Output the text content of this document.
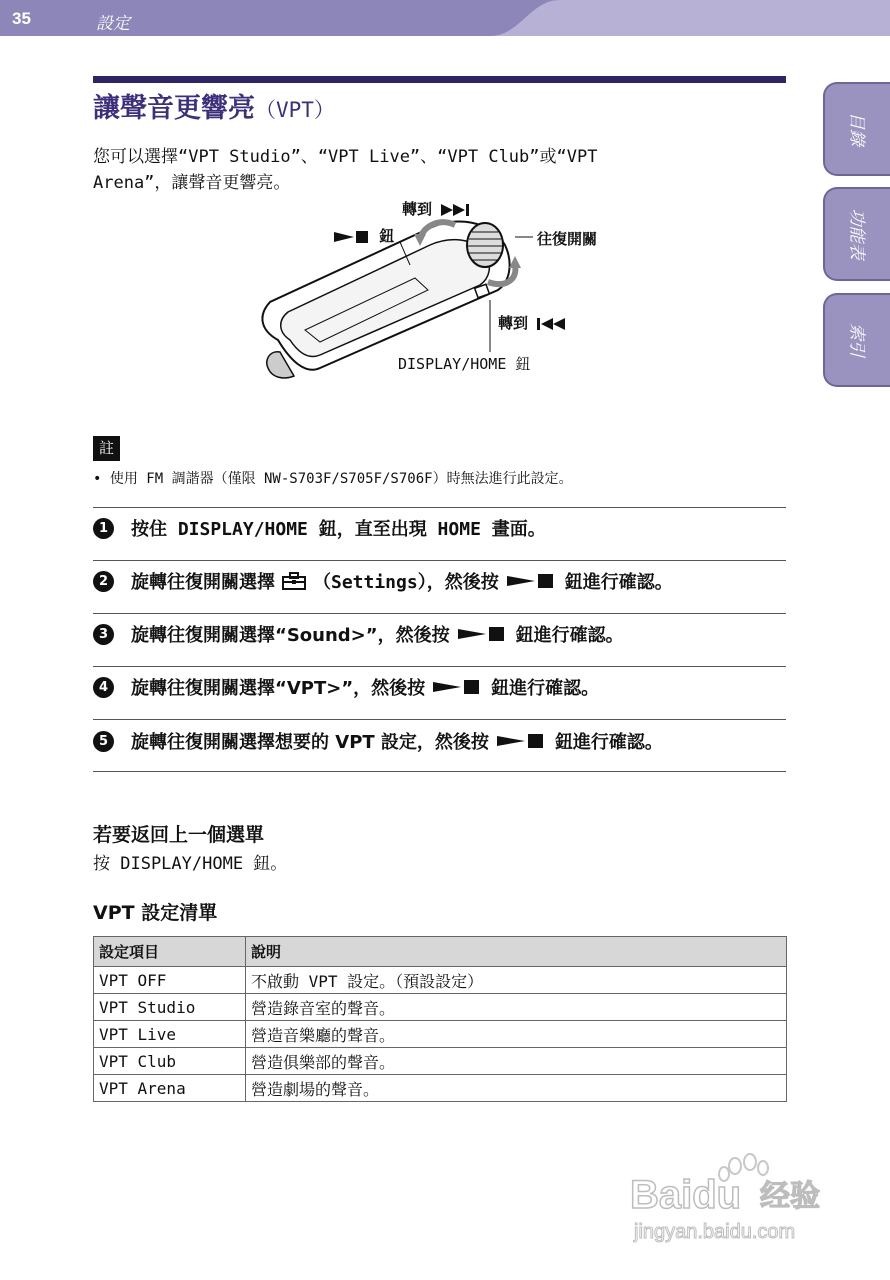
35	設定
目錄
功能表
索引
讓聲音更響亮（VPT）
您可以選擇“VPT Studio”、“VPT Live”、“VPT Club”或“VPT
Arena”，讓聲音更響亮。
轉到
鈕	往復開關
轉到
DISPLAY/HOME 鈕
註
• 使用 FM 調諧器（僅限 NW-S703F/S705F/S706F）時無法進行此設定。
1	按住 DISPLAY/HOME 鈕，直至出現 HOME 畫面。
2	旋轉往復開關選擇 （Settings），然後按	鈕進行確認。
3	旋轉往復開關選擇“Sound>”，然後按	鈕進行確認。
4	旋轉往復開關選擇“VPT>”，然後按	鈕進行確認。
5	旋轉往復開關選擇想要的 VPT 設定，然後按	鈕進行確認。
若要返回上一個選單
按 DISPLAY/HOME 鈕。
VPT 設定清單
設定項目	說明
VPT OFF	不啟動 VPT 設定。（預設設定）
VPT Studio	營造錄音室的聲音。
VPT Live	營造音樂廳的聲音。
VPT Club	營造俱樂部的聲音。
VPT Arena	營造劇場的聲音。
Baidu 经验
jingyan.baidu.com
